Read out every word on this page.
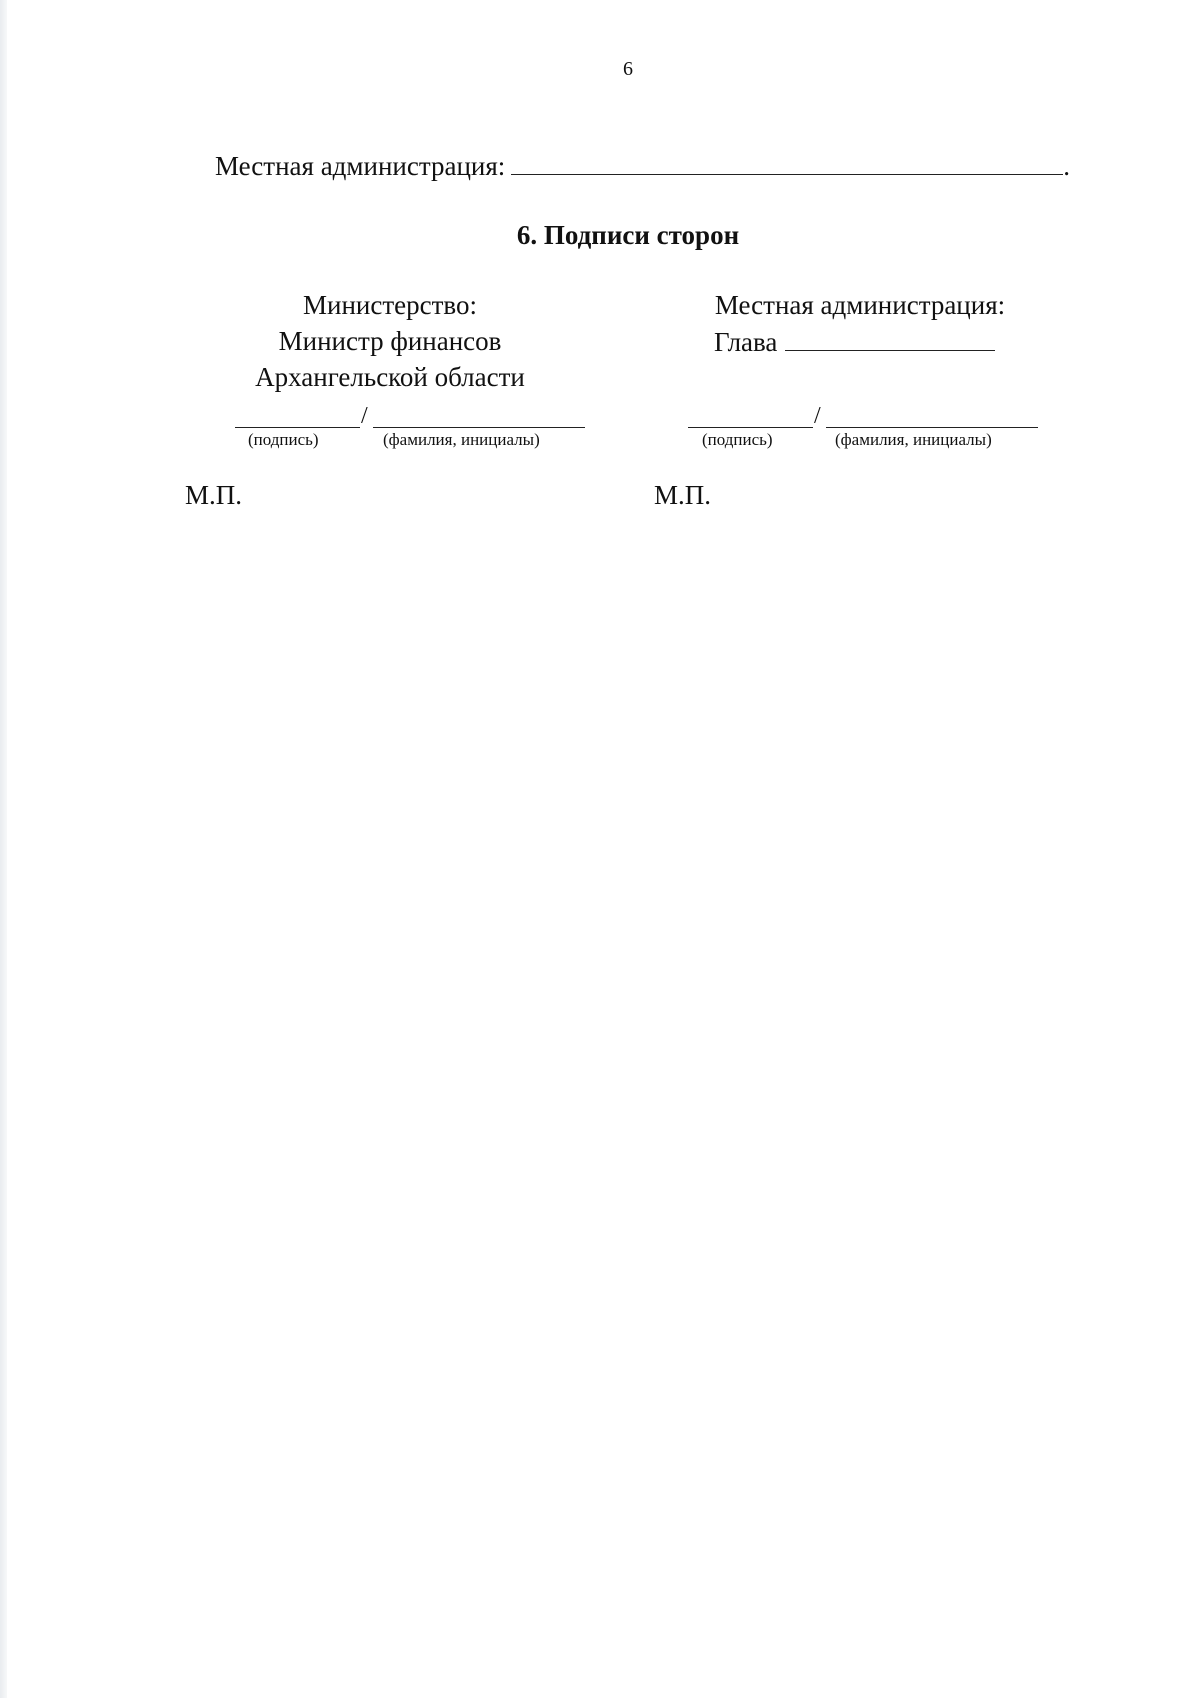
6
Местная администрация:	.
6. Подписи сторон
Министерство:
Министр финансов
Архангельской области
/
(подпись)	(фамилия, инициалы)
М.П.
Местная администрация:
Глава
/
(подпись)	(фамилия, инициалы)
М.П.
